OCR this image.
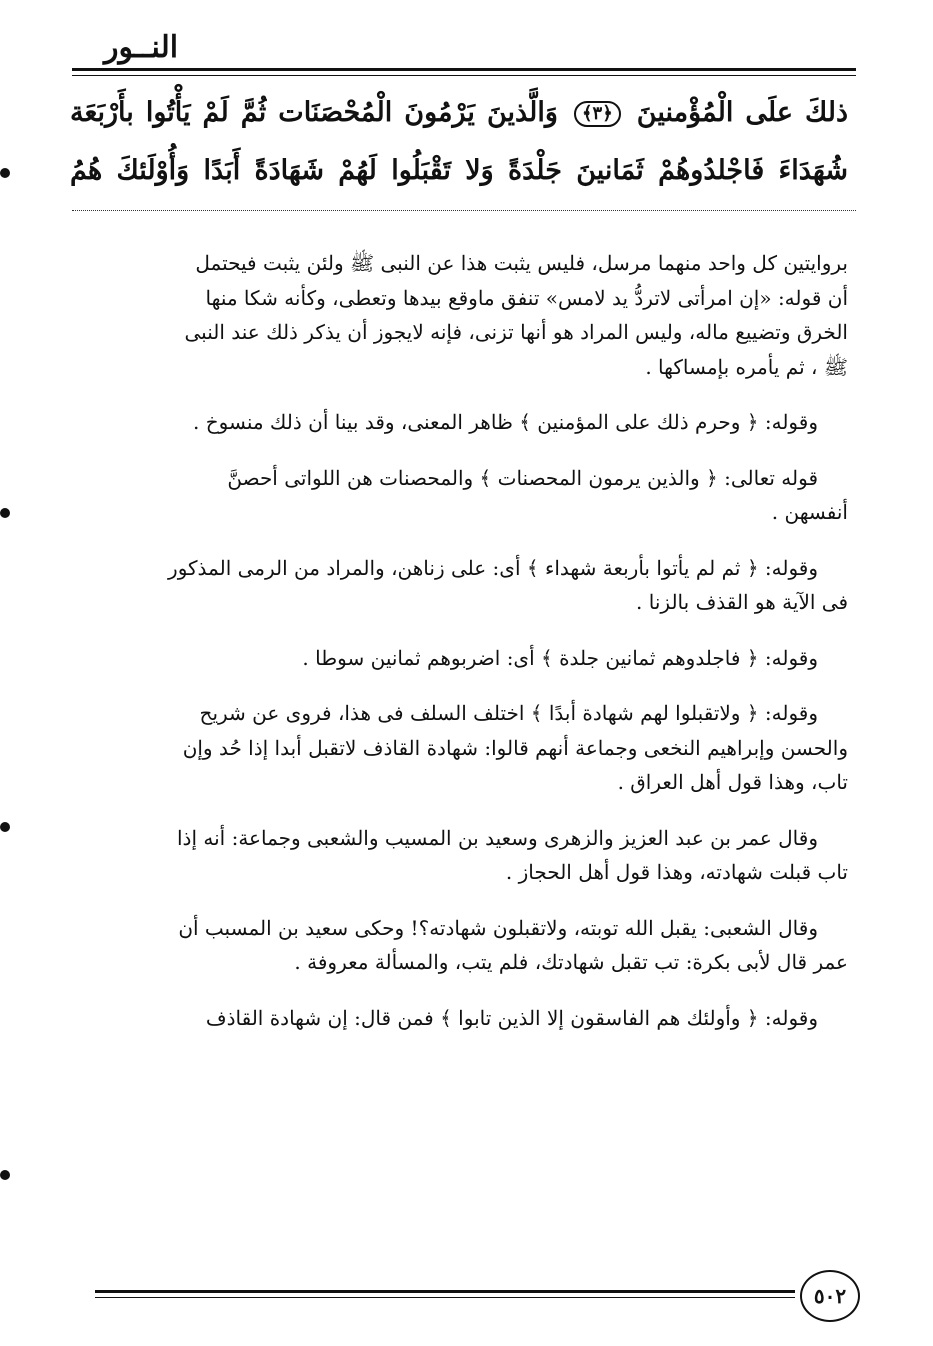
النــور
ذلكَ علَى الْمُؤْمنينَ ﴿٣﴾ وَالَّذينَ يَرْمُونَ الْمُحْصَنَات ثُمَّ لَمْ يَأْتُوا بأَرْبَعَة شُهَدَاءَ فَاجْلدُوهُمْ ثَمَانينَ جَلْدَةً وَلا تَقْبَلُوا لَهُمْ شَهَادَةً أَبَدًا وَأُوْلَئكَ هُمُ

بروايتين كل واحد منهما مرسل، فليس يثبت هذا عن النبى ﷺ ولئن يثبت فيحتمل

أن قوله: «إن امرأتى لاتردُّ يد لامس» تنفق ماوقع بيدها وتعطى، وكأنه شكا منها

الخرق وتضييع ماله، وليس المراد هو أنها تزنى، فإنه لايجوز أن يذكر ذلك عند النبى

ﷺ ، ثم يأمره بإمساكها .

وقوله: ﴿ وحرم ذلك على المؤمنين ﴾ ظاهر المعنى، وقد بينا أن ذلك منسوخ .

قوله تعالى: ﴿ والذين يرمون المحصنات ﴾ والمحصنات هن اللواتى أحصنَّ

أنفسهن .

وقوله: ﴿ ثم لم يأتوا بأربعة شهداء ﴾ أى: على زناهن، والمراد من الرمى المذكور

فى الآية هو القذف بالزنا .

وقوله: ﴿ فاجلدوهم ثمانين جلدة ﴾ أى: اضربوهم ثمانين سوطا .

وقوله: ﴿ ولاتقبلوا لهم شهادة أبدًا ﴾ اختلف السلف فى هذا، فروى عن شريح

والحسن وإبراهيم النخعى وجماعة أنهم قالوا: شهادة القاذف لاتقبل أبدا إذا حُد وإن

تاب، وهذا قول أهل العراق .

وقال عمر بن عبد العزيز والزهرى وسعيد بن المسيب والشعبى وجماعة: أنه إذا

تاب قبلت شهادته، وهذا قول أهل الحجاز .

وقال الشعبى: يقبل الله توبته، ولاتقبلون شهادته؟! وحكى سعيد بن المسبب أن

عمر قال لأبى بكرة: تب تقبل شهادتك، فلم يتب، والمسألة معروفة .

وقوله: ﴿ وأولئك هم الفاسقون إلا الذين تابوا ﴾ فمن قال: إن شهادة القاذف

٥٠٢
